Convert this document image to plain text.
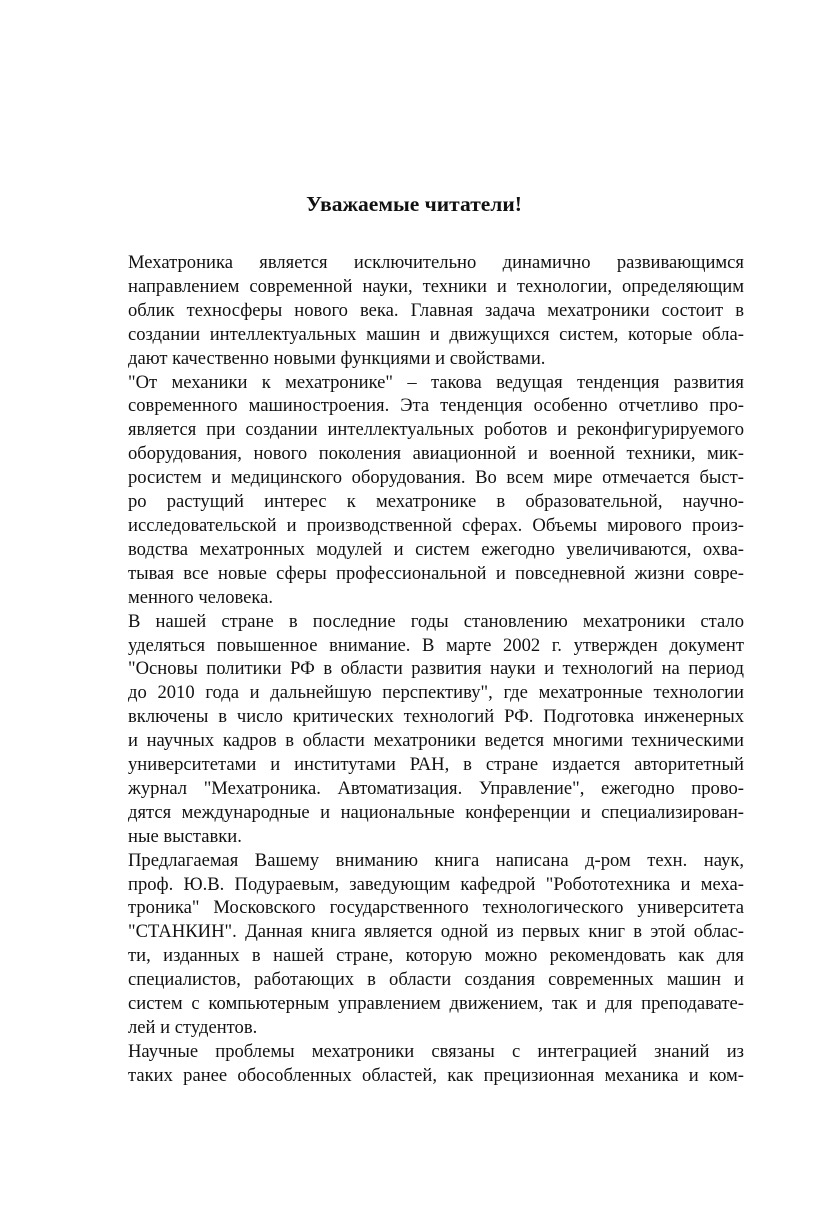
Уважаемые читатели!

Мехатроника является исключительно динамично развивающимся
направлением современной науки, техники и технологии, определяющим
облик техносферы нового века. Главная задача мехатроники состоит в
создании интеллектуальных машин и движущихся систем, которые обла-
дают качественно новыми функциями и свойствами.

"От механики к мехатронике" – такова ведущая тенденция развития
современного машиностроения. Эта тенденция особенно отчетливо про-
является при создании интеллектуальных роботов и реконфигурируемого
оборудования, нового поколения авиационной и военной техники, мик-
росистем и медицинского оборудования. Во всем мире отмечается быст-
ро растущий интерес к мехатронике в образовательной, научно-
исследовательской и производственной сферах. Объемы мирового произ-
водства мехатронных модулей и систем ежегодно увеличиваются, охва-
тывая все новые сферы профессиональной и повседневной жизни совре-
менного человека.

В нашей стране в последние годы становлению мехатроники стало
уделяться повышенное внимание. В марте 2002 г. утвержден документ
"Основы политики РФ в области развития науки и технологий на период
до 2010 года и дальнейшую перспективу", где мехатронные технологии
включены в число критических технологий РФ. Подготовка инженерных
и научных кадров в области мехатроники ведется многими техническими
университетами и институтами РАН, в стране издается авторитетный
журнал "Мехатроника. Автоматизация. Управление", ежегодно прово-
дятся международные и национальные конференции и специализирован-
ные выставки.

Предлагаемая Вашему вниманию книга написана д-ром техн. наук,
проф. Ю.В. Подураевым, заведующим кафедрой "Робототехника и меха-
троника" Московского государственного технологического университета
"СТАНКИН". Данная книга является одной из первых книг в этой облас-
ти, изданных в нашей стране, которую можно рекомендовать как для
специалистов, работающих в области создания современных машин и
систем с компьютерным управлением движением, так и для преподавате-
лей и студентов.

Научные проблемы мехатроники связаны с интеграцией знаний из
таких ранее обособленных областей, как прецизионная механика и ком-
